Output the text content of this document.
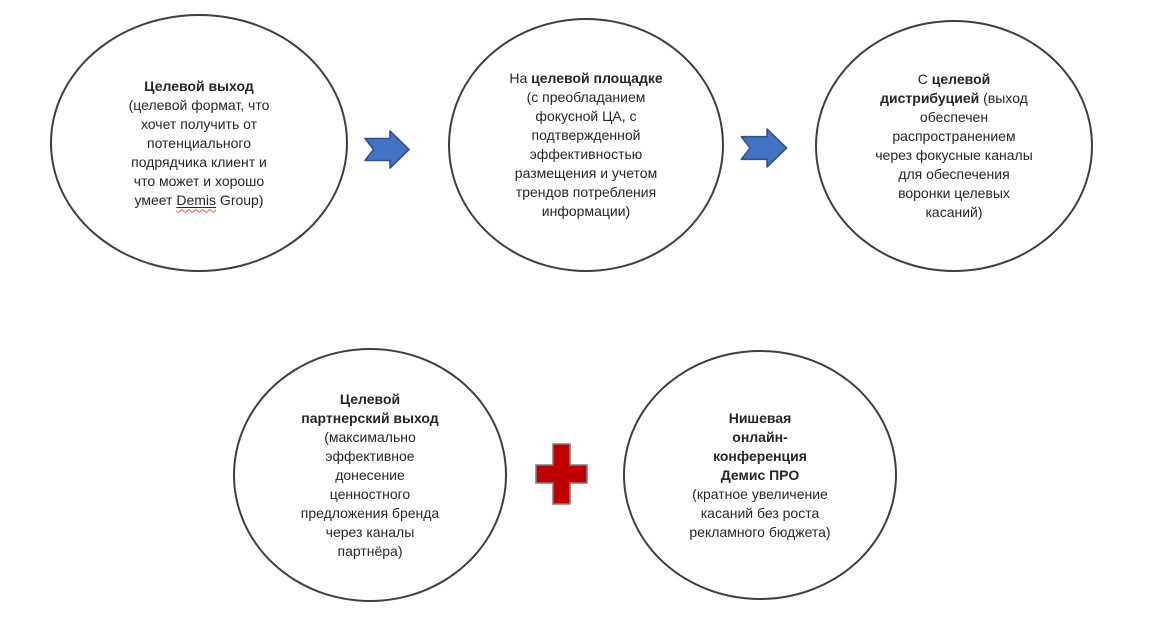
Целевой выход
(целевой формат, что
хочет получить от
потенциального
подрядчика клиент и
что может и хорошо
умеет Demis Group)
На целевой площадке
(с преобладанием
фокусной ЦА, с
подтвержденной
эффективностью
размещения и учетом
трендов потребления
информации)
С целевой
дистрибуцией (выход
обеспечен
распространением
через фокусные каналы
для обеспечения
воронки целевых
касаний)
Целевой
партнерский выход
(максимально
эффективное
донесение
ценностного
предложения бренда
через каналы
партнёра)
Нишевая
онлайн-
конференция
Демис ПРО
(кратное увеличение
касаний без роста
рекламного бюджета)
